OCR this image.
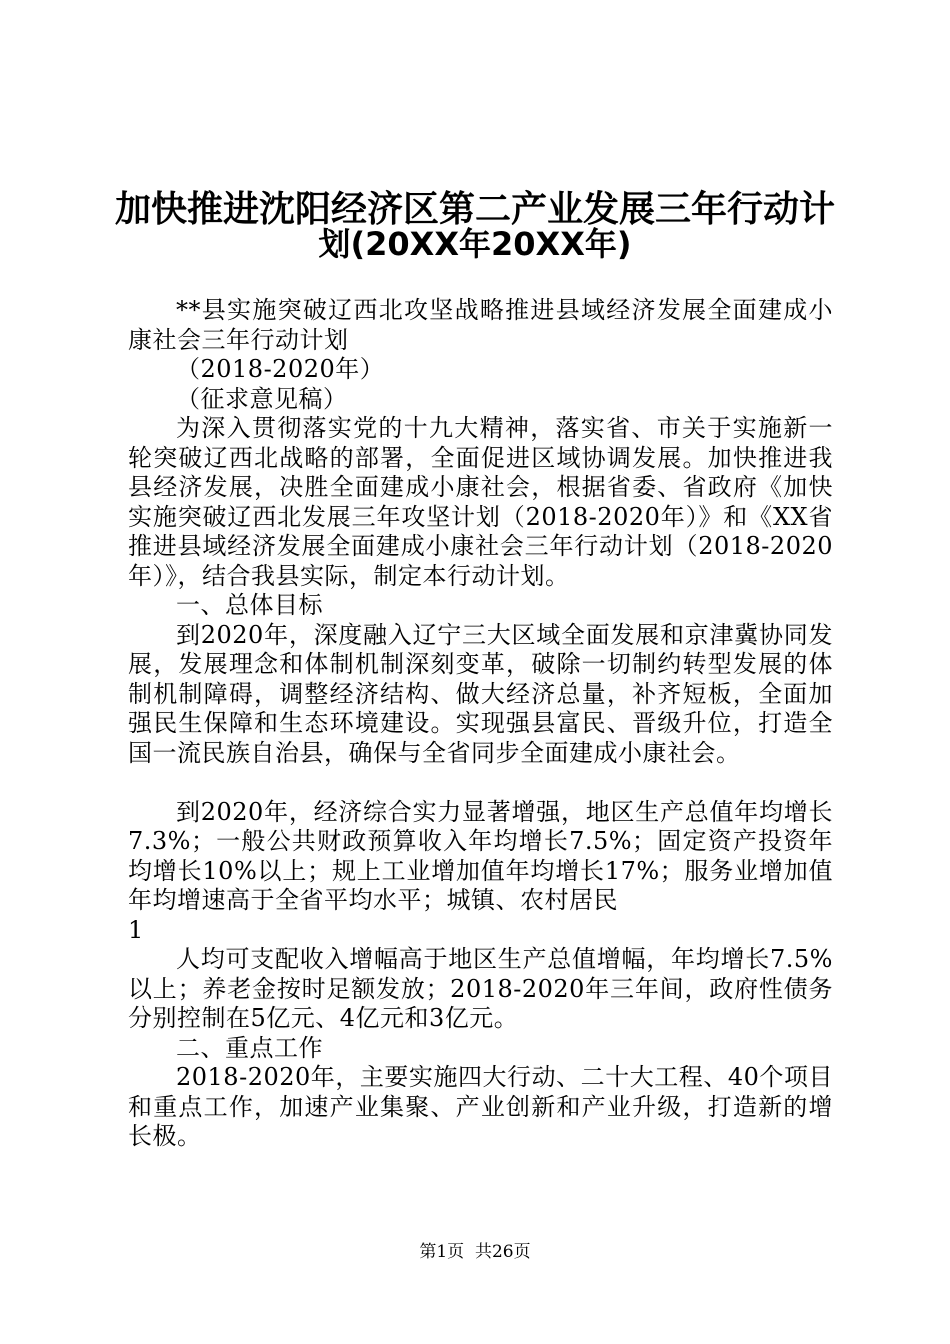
加快推进沈阳经济区第二产业发展三年行动计
划(20XX年20XX年)

**县实施突破辽西北攻坚战略推进县域经济发展全面建成小康社会三年行动计划

（2018-2020年）

（征求意见稿）

为深入贯彻落实党的十九大精神，落实省、市关于实施新一轮突破辽西北战略的部署，全面促进区域协调发展。加快推进我县经济发展，决胜全面建成小康社会，根据省委、省政府《加快实施突破辽西北发展三年攻坚计划（2018-2020年）》和《XX省推进县域经济发展全面建成小康社会三年行动计划（2018-2020年）》，结合我县实际，制定本行动计划。

一、总体目标

到2020年，深度融入辽宁三大区域全面发展和京津冀协同发展，发展理念和体制机制深刻变革，破除一切制约转型发展的体制机制障碍，调整经济结构、做大经济总量，补齐短板，全面加强民生保障和生态环境建设。实现强县富民、晋级升位，打造全国一流民族自治县，确保与全省同步全面建成小康社会。

到2020年，经济综合实力显著增强，地区生产总值年均增长7.3%；一般公共财政预算收入年均增长7.5%；固定资产投资年均增长10%以上；规上工业增加值年均增长17%；服务业增加值年均增速高于全省平均水平；城镇、农村居民

1

人均可支配收入增幅高于地区生产总值增幅，年均增长7.5%以上；养老金按时足额发放；2018-2020年三年间，政府性债务分别控制在5亿元、4亿元和3亿元。

二、重点工作

2018-2020年，主要实施四大行动、二十大工程、40个项目和重点工作，加速产业集聚、产业创新和产业升级，打造新的增长极。

第1页  共26页
